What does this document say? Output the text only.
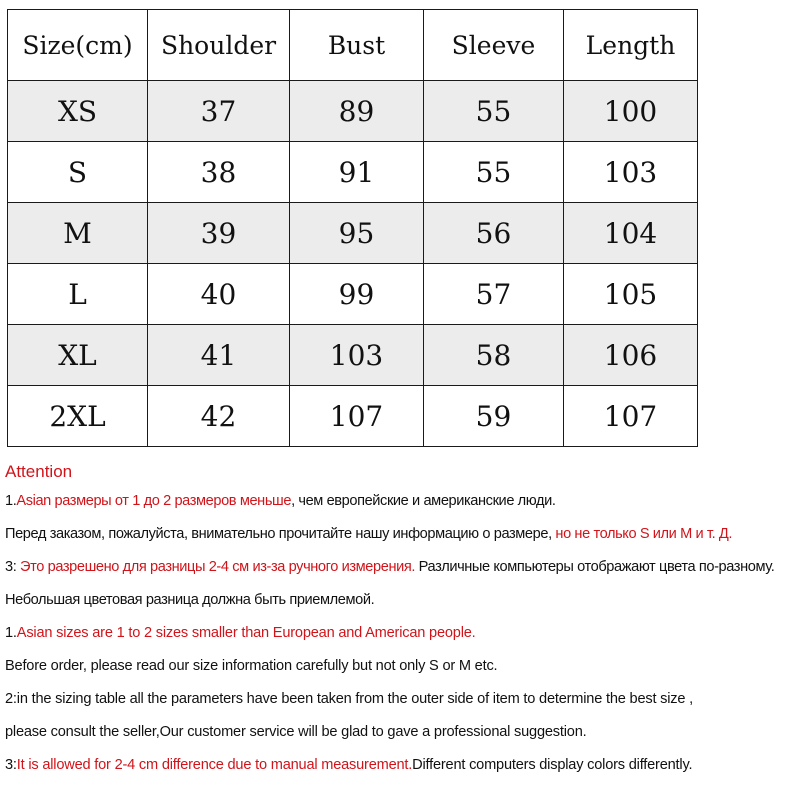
Size(cm)	Shoulder	Bust	Sleeve	Length
XS	37	89	55	100
S	38	91	55	103
M	39	95	56	104
L	40	99	57	105
XL	41	103	58	106
2XL	42	107	59	107
Attention
1.Asian размеры от 1 до 2 размеров меньше, чем европейские и американские люди.
Перед заказом, пожалуйста, внимательно прочитайте нашу информацию о размере, но не только S или M и т. Д.
3: Это разрешено для разницы 2-4 см из-за ручного измерения. Различные компьютеры отображают цвета по-разному.
Небольшая цветовая разница должна быть приемлемой.
1.Asian sizes are 1 to 2 sizes smaller than European and American people.
Before order, please read our size information carefully but not only S or M etc.
2:in the sizing table all the parameters have been taken from the outer side of item to determine the best size ,
please consult the seller,Our customer service will be glad to gave a professional suggestion.
3:It is allowed for 2-4 cm difference due to manual measurement.Different computers display colors differently.
